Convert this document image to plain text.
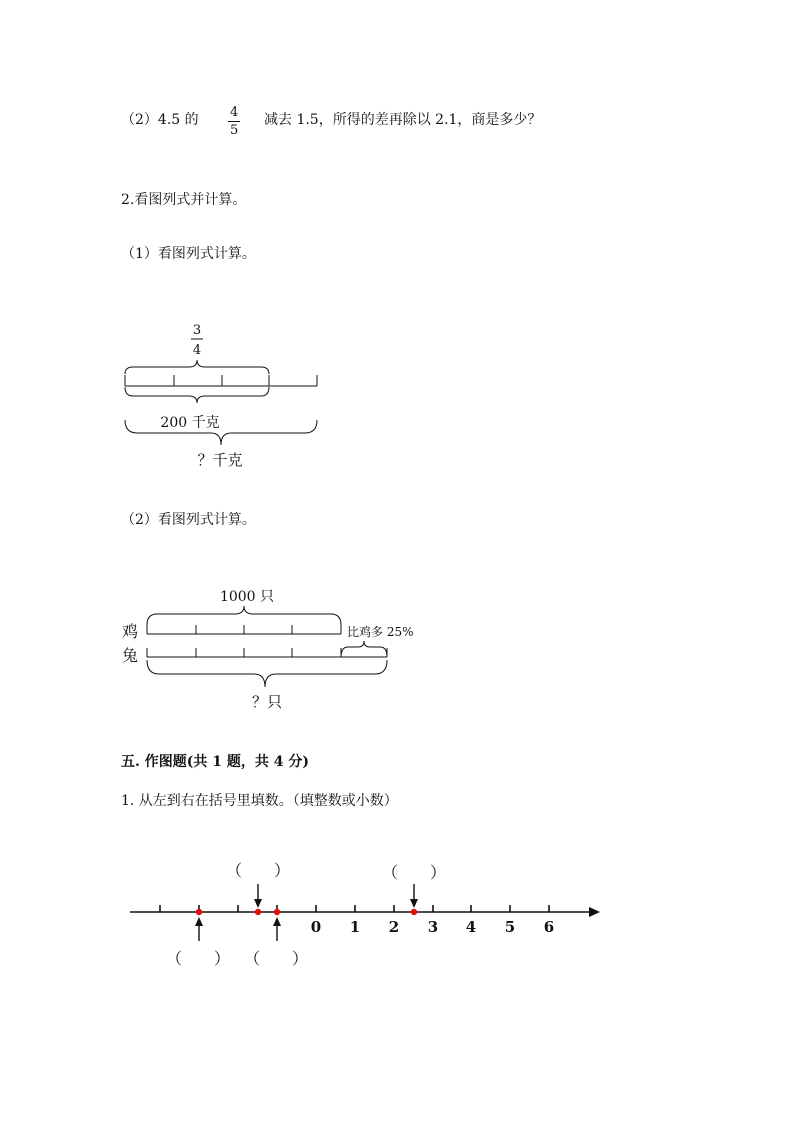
（2）4.5 的 4
5
减去 1.5，所得的差再除以 2.1，商是多少？
2.看图列式并计算。
（1）看图列式计算。
3
4
200 千克
？千克
（2）看图列式计算。
1000 只
鸡	比鸡多 25%
兔
？只
五. 作图题(共 1 题，共 4 分)
1. 从左到右在括号里填数。（填整数或小数）
0 1 2 3 4 5 6
（　　）	（　　）
（　　） （　　）
